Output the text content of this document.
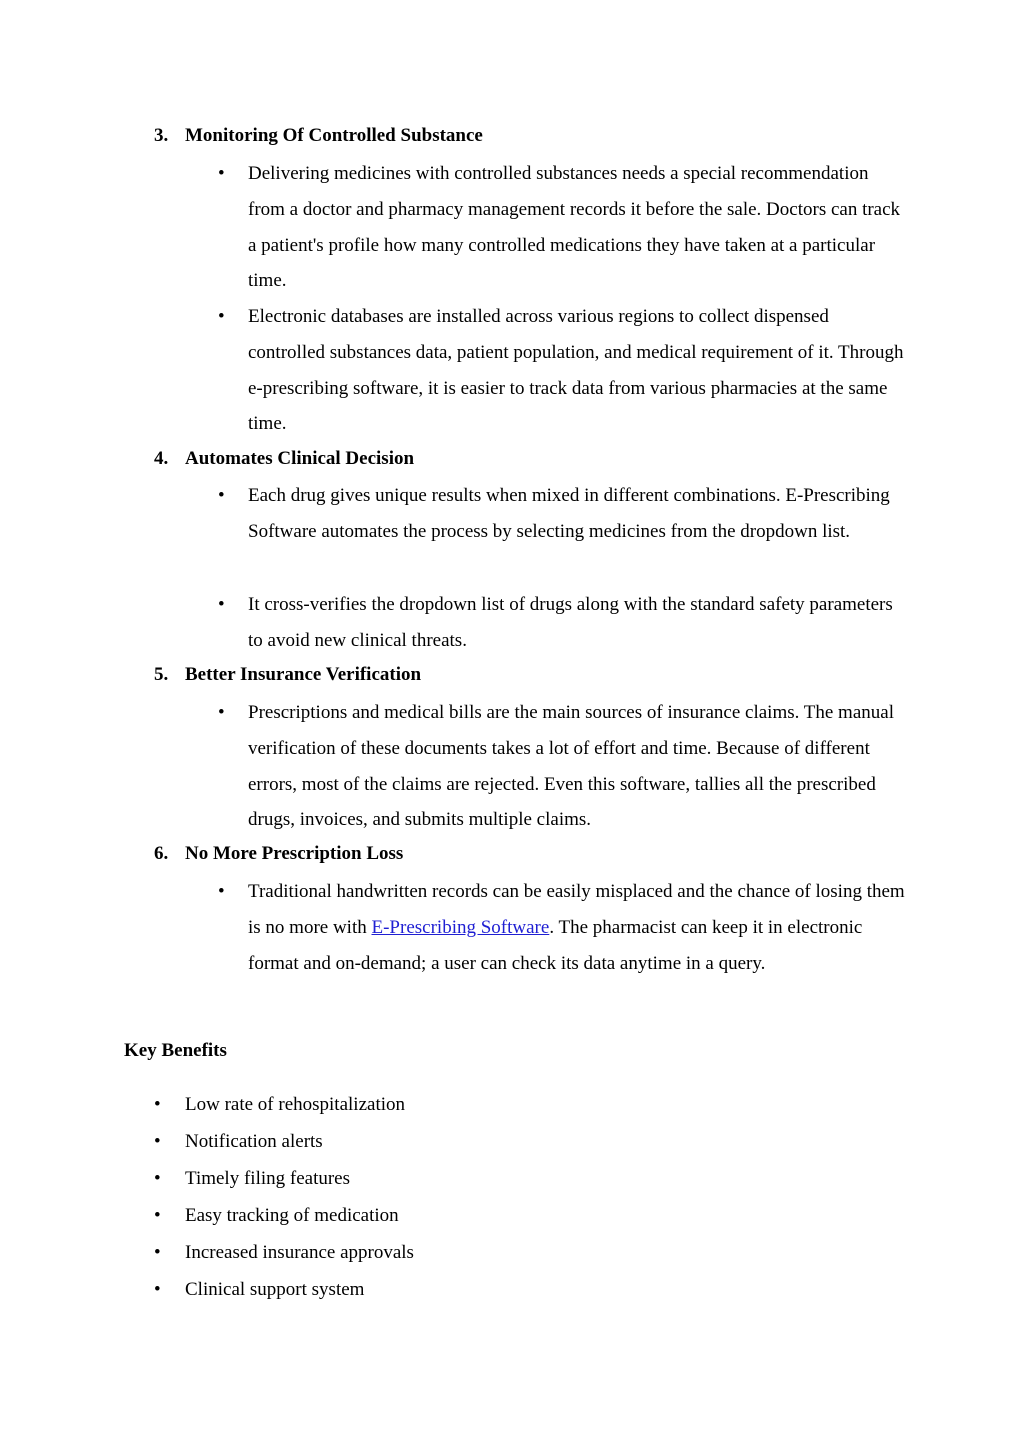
3. Monitoring Of Controlled Substance
•	Delivering medicines with controlled substances needs a special recommendation from a doctor and pharmacy management records it before the sale. Doctors can track a patient's profile how many controlled medications they have taken at a particular time.
•	Electronic databases are installed across various regions to collect dispensed controlled substances data, patient population, and medical requirement of it. Through e-prescribing software, it is easier to track data from various pharmacies at the same time.
4. Automates Clinical Decision
•	Each drug gives unique results when mixed in different combinations. E-Prescribing Software automates the process by selecting medicines from the dropdown list.
•	It cross-verifies the dropdown list of drugs along with the standard safety parameters to avoid new clinical threats.
5. Better Insurance Verification
•	Prescriptions and medical bills are the main sources of insurance claims. The manual verification of these documents takes a lot of effort and time. Because of different errors, most of the claims are rejected. Even this software, tallies all the prescribed drugs, invoices, and submits multiple claims.
6. No More Prescription Loss
•	Traditional handwritten records can be easily misplaced and the chance of losing them is no more with E-Prescribing Software. The pharmacist can keep it in electronic format and on-demand; a user can check its data anytime in a query.
Key Benefits
• Low rate of rehospitalization
• Notification alerts
• Timely filing features
• Easy tracking of medication
• Increased insurance approvals
• Clinical support system
